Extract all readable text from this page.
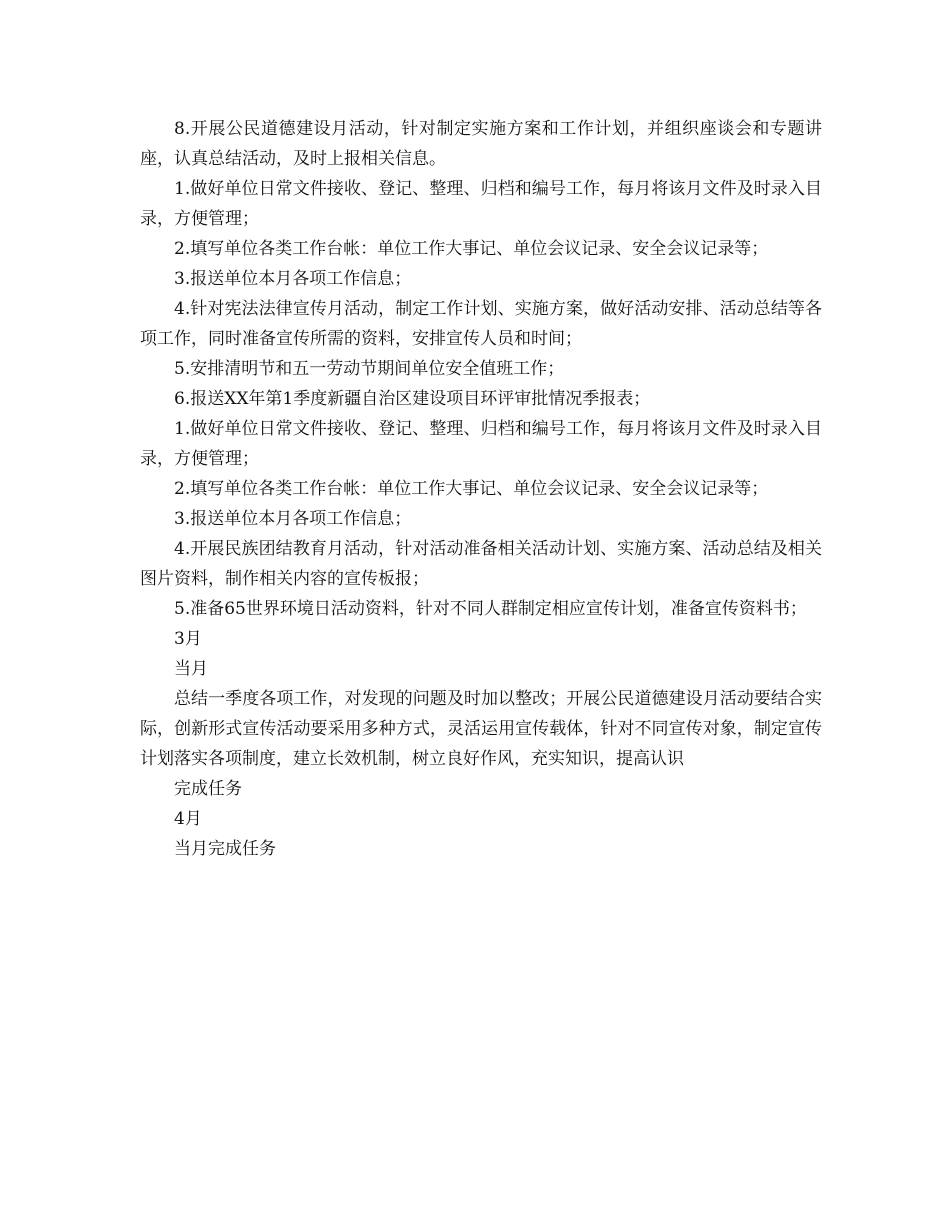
8.开展公民道德建设月活动，针对制定实施方案和工作计划，并组织座谈会和专题讲座，认真总结活动，及时上报相关信息。

1.做好单位日常文件接收、登记、整理、归档和编号工作，每月将该月文件及时录入目录，方便管理；

2.填写单位各类工作台帐：单位工作大事记、单位会议记录、安全会议记录等；

3.报送单位本月各项工作信息；

4.针对宪法法律宣传月活动，制定工作计划、实施方案，做好活动安排、活动总结等各项工作，同时准备宣传所需的资料，安排宣传人员和时间；

5.安排清明节和五一劳动节期间单位安全值班工作；

6.报送XX年第1季度新疆自治区建设项目环评审批情况季报表；

1.做好单位日常文件接收、登记、整理、归档和编号工作，每月将该月文件及时录入目录，方便管理；

2.填写单位各类工作台帐：单位工作大事记、单位会议记录、安全会议记录等；

3.报送单位本月各项工作信息；

4.开展民族团结教育月活动，针对活动准备相关活动计划、实施方案、活动总结及相关图片资料，制作相关内容的宣传板报；

5.准备65世界环境日活动资料，针对不同人群制定相应宣传计划，准备宣传资料书；

3月

当月

总结一季度各项工作，对发现的问题及时加以整改；开展公民道德建设月活动要结合实际，创新形式宣传活动要采用多种方式，灵活运用宣传载体，针对不同宣传对象，制定宣传计划落实各项制度，建立长效机制，树立良好作风，充实知识，提高认识

完成任务

4月

当月完成任务
